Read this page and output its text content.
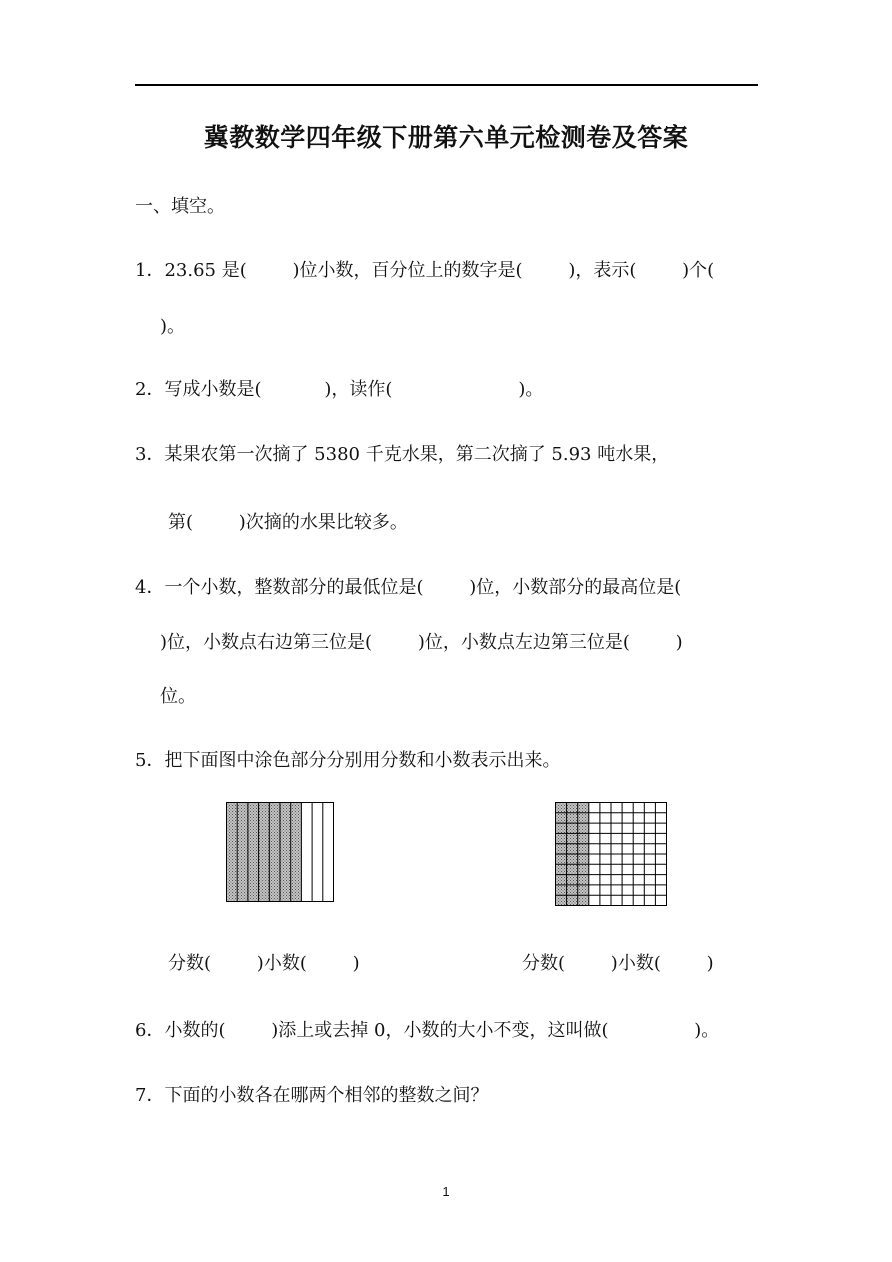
冀教数学四年级下册第六单元检测卷及答案
一、填空。
1．23.65 是(        )位小数，百分位上的数字是(        )，表示(        )个(
)。
2．写成小数是(           )，读作(                      )。
3．某果农第一次摘了 5380 千克水果，第二次摘了 5.93 吨水果，
第(        )次摘的水果比较多。
4．一个小数，整数部分的最低位是(        )位，小数部分的最高位是(
)位，小数点右边第三位是(        )位，小数点左边第三位是(        )
位。
5．把下面图中涂色部分分别用分数和小数表示出来。
分数(        )小数(        )	分数(        )小数(        )
6．小数的(        )添上或去掉 0，小数的大小不变，这叫做(               )。
7．下面的小数各在哪两个相邻的整数之间？
1
